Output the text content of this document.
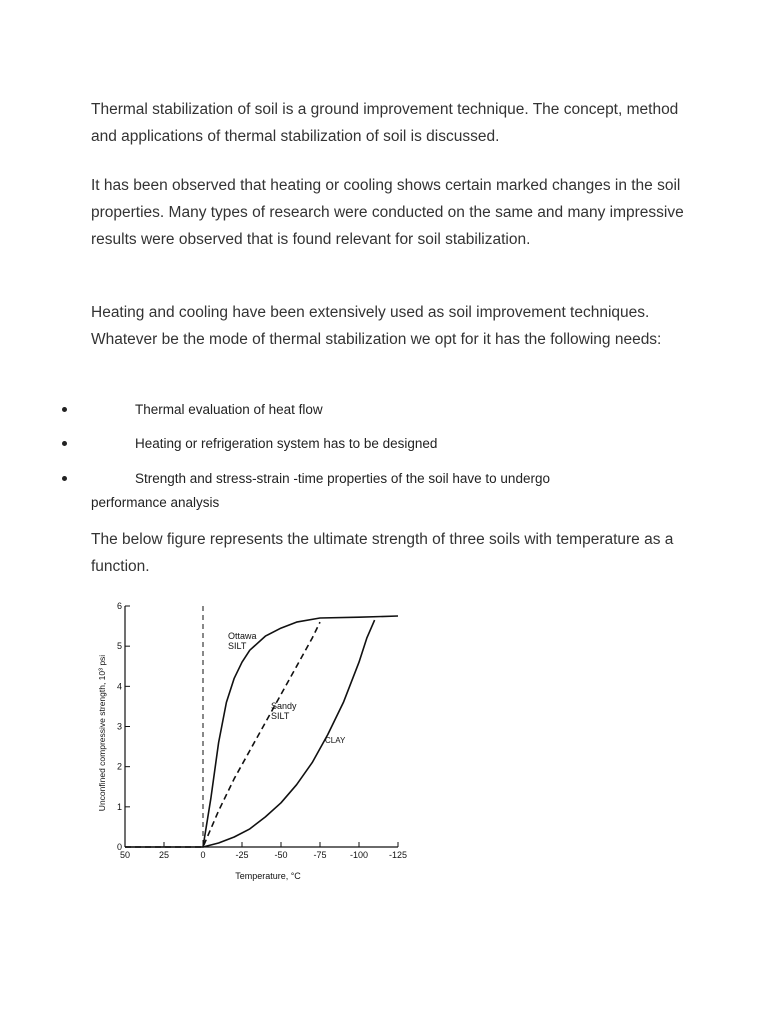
Thermal stabilization of soil is a ground improvement technique. The concept, method and applications of thermal stabilization of soil is discussed.

It has been observed that heating or cooling shows certain marked changes in the soil properties. Many types of research were conducted on the same and many impressive results were observed that is found relevant for soil stabilization.

Heating and cooling have been extensively used as soil improvement techniques. Whatever be the mode of thermal stabilization we opt for it has the following needs:

Thermal evaluation of heat flow
Heating or refrigeration system has to be designed
Strength and stress-strain -time properties of the soil have to undergo
performance analysis

The below figure represents the ultimate strength of three soils with temperature as a function.

50	25	0	-25	-50	-75	-100 -125
0
1
2
3
4
5
6
Ottawa
SILT
Sandy
SILT
CLAY
Temperature, °C
Unconfined compressive strength, 10³ psi
